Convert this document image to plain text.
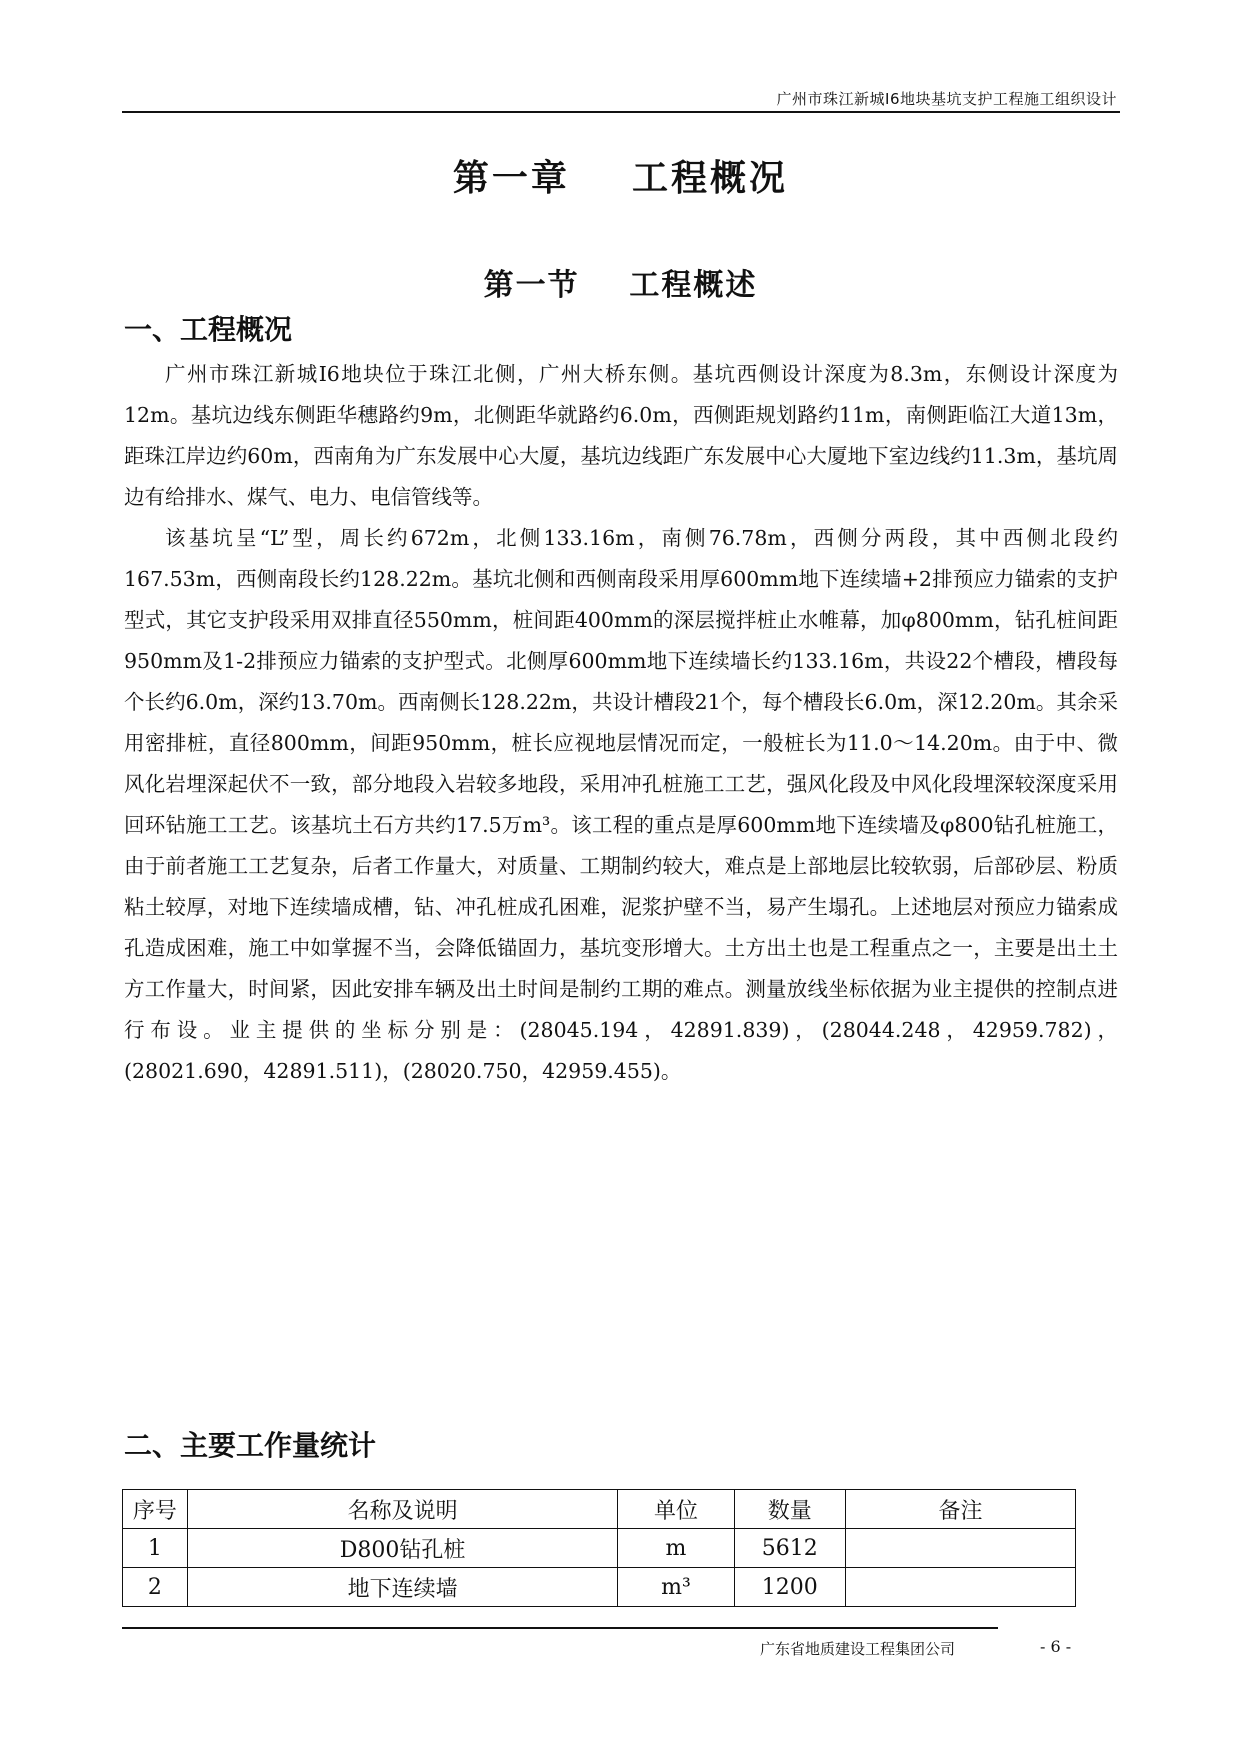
广州市珠江新城I6地块基坑支护工程施工组织设计
第一章    工程概况
第一节    工程概述
一、工程概况

广州市珠江新城I6地块位于珠江北侧，广州大桥东侧。基坑西侧设计深度为8.3m，东侧设计深度为12m。基坑边线东侧距华穗路约9m，北侧距华就路约6.0m，西侧距规划路约11m，南侧距临江大道13m，距珠江岸边约60m，西南角为广东发展中心大厦，基坑边线距广东发展中心大厦地下室边线约11.3m，基坑周边有给排水、煤气、电力、电信管线等。

该基坑呈“L”型，周长约672m，北侧133.16m，南侧76.78m，西侧分两段，其中西侧北段约167.53m，西侧南段长约128.22m。基坑北侧和西侧南段采用厚600mm地下连续墙+2排预应力锚索的支护型式，其它支护段采用双排直径550mm，桩间距400mm的深层搅拌桩止水帷幕，加φ800mm，钻孔桩间距950mm及1-2排预应力锚索的支护型式。北侧厚600mm地下连续墙长约133.16m，共设22个槽段，槽段每个长约6.0m，深约13.70m。西南侧长128.22m，共设计槽段21个，每个槽段长6.0m，深12.20m。其余采用密排桩，直径800mm，间距950mm，桩长应视地层情况而定，一般桩长为11.0～14.20m。由于中、微风化岩埋深起伏不一致，部分地段入岩较多地段，采用冲孔桩施工工艺，强风化段及中风化段埋深较深度采用回环钻施工工艺。该基坑土石方共约17.5万m³。该工程的重点是厚600mm地下连续墙及φ800钻孔桩施工，由于前者施工工艺复杂，后者工作量大，对质量、工期制约较大，难点是上部地层比较软弱，后部砂层、粉质粘土较厚，对地下连续墙成槽，钻、冲孔桩成孔困难，泥浆护壁不当，易产生塌孔。上述地层对预应力锚索成孔造成困难，施工中如掌握不当，会降低锚固力，基坑变形增大。土方出土也是工程重点之一，主要是出土土方工作量大，时间紧，因此安排车辆及出土时间是制约工期的难点。测量放线坐标依据为业主提供的控制点进行布设。业主提供的坐标分别是：(28045.194，42891.839)，(28044.248，42959.782)，(28021.690，42891.511)，(28020.750，42959.455)。

二、主要工作量统计
序号	名称及说明	单位	数量	备注
1	D800钻孔桩	m	5612	
2	地下连续墙	m³	1200	
广东省地质建设工程集团公司	- 6 -
